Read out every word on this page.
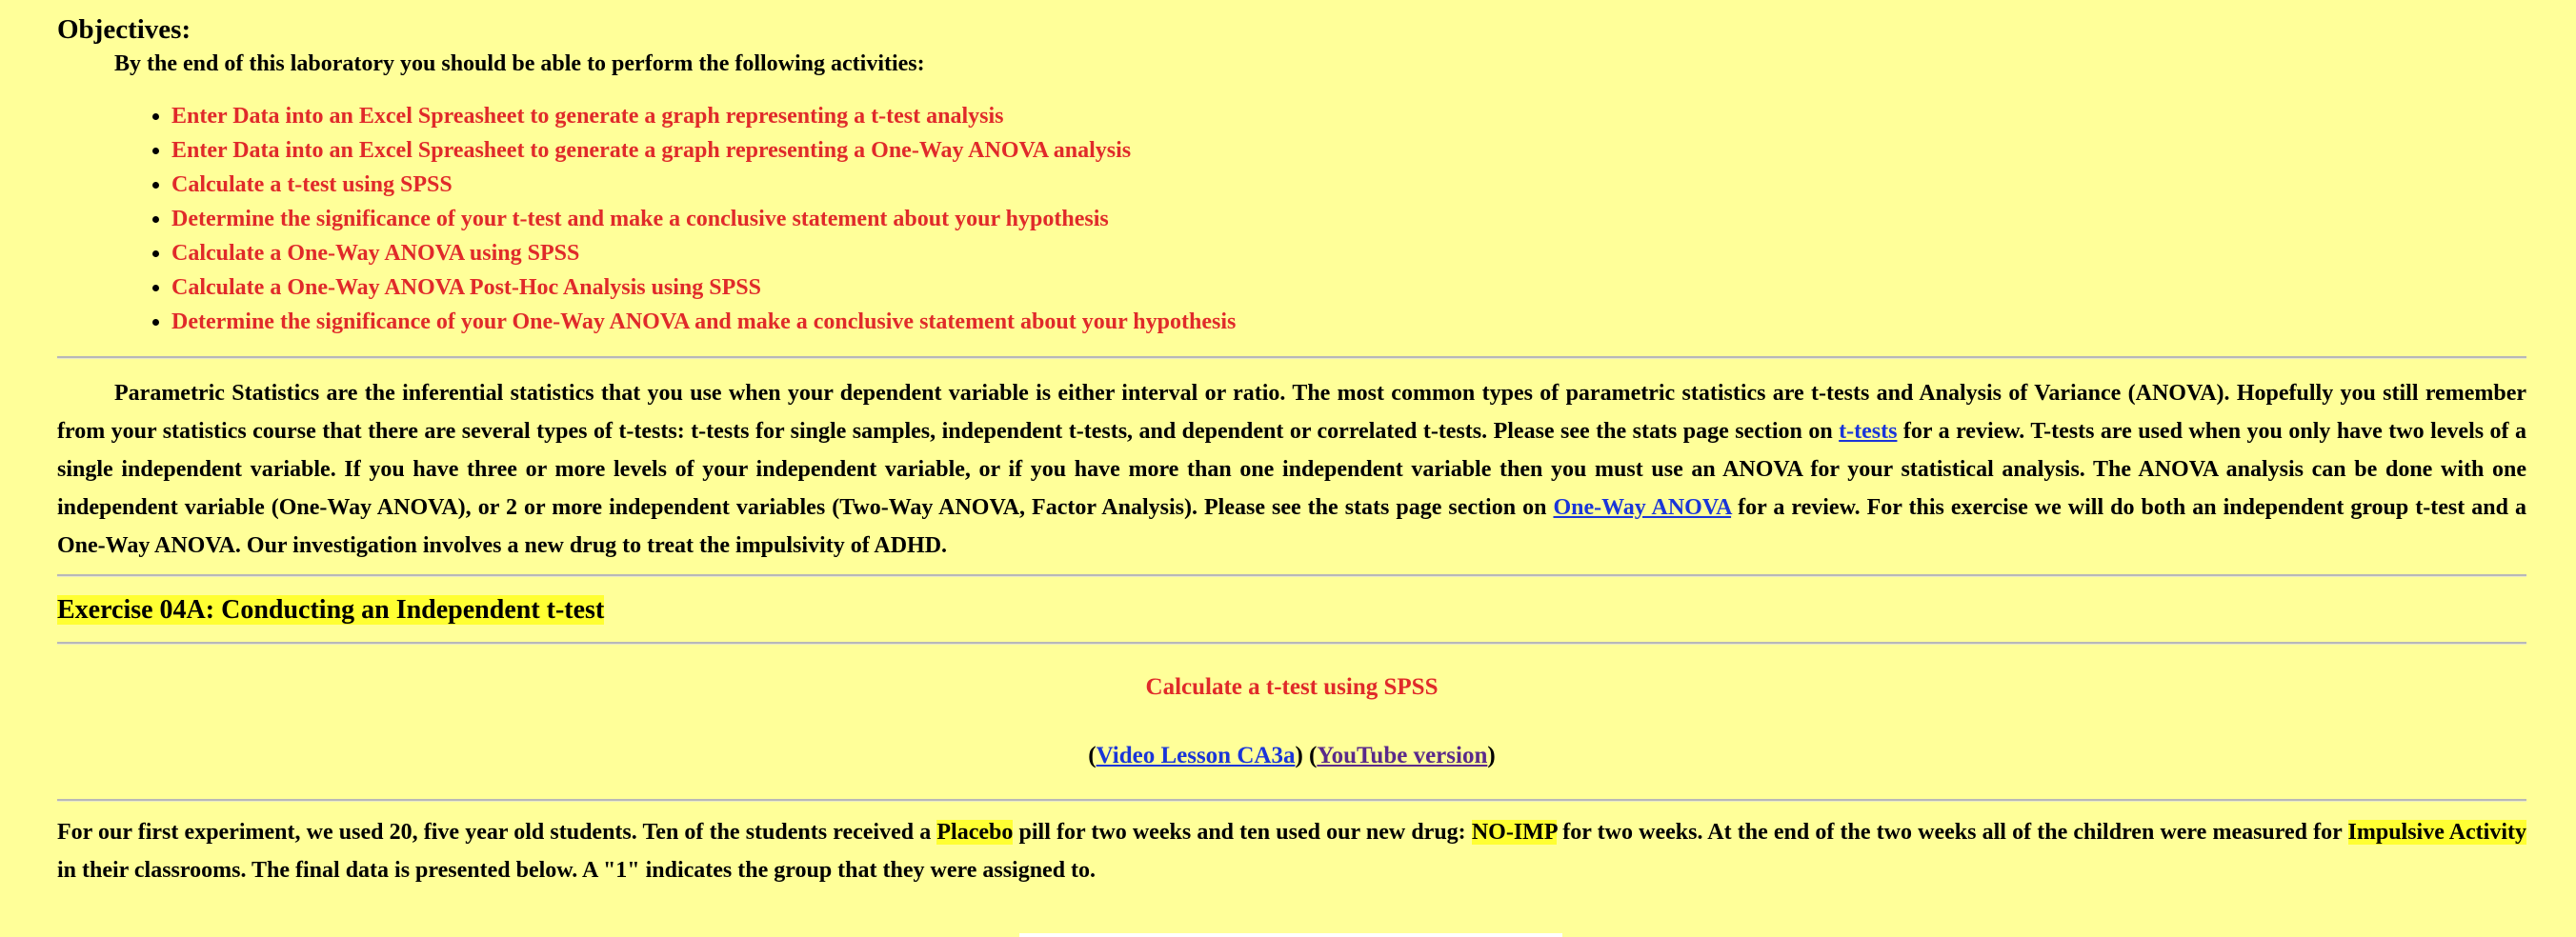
Objectives:

By the end of this laboratory you should be able to perform the following activities:

• Enter Data into an Excel Spreasheet to generate a graph representing a t-test analysis
• Enter Data into an Excel Spreasheet to generate a graph representing a One-Way ANOVA analysis
• Calculate a t-test using SPSS
• Determine the significance of your t-test and make a conclusive statement about your hypothesis
• Calculate a One-Way ANOVA using SPSS
• Calculate a One-Way ANOVA Post-Hoc Analysis using SPSS
• Determine the significance of your One-Way ANOVA and make a conclusive statement about your hypothesis

Parametric Statistics are the inferential statistics that you use when your dependent variable is either interval or ratio. The most common types of parametric statistics are t-tests and Analysis of Variance (ANOVA). Hopefully you still remember from your statistics course that there are several types of t-tests: t-tests for single samples, independent t-tests, and dependent or correlated t-tests. Please see the stats page section on t-tests for a review. T-tests are used when you only have two levels of a single independent variable. If you have three or more levels of your independent variable, or if you have more than one independent variable then you must use an ANOVA for your statistical analysis. The ANOVA analysis can be done with one independent variable (One-Way ANOVA), or 2 or more independent variables (Two-Way ANOVA, Factor Analysis). Please see the stats page section on One-Way ANOVA for a review. For this exercise we will do both an independent group t-test and a One-Way ANOVA. Our investigation involves a new drug to treat the impulsivity of ADHD.

Exercise 04A: Conducting an Independent t-test

Calculate a t-test using SPSS

(Video Lesson CA3a) (YouTube version)

For our first experiment, we used 20, five year old students. Ten of the students received a Placebo pill for two weeks and ten used our new drug: NO-IMP for two weeks. At the end of the two weeks all of the children were measured for Impulsive Activity in their classrooms. The final data is presented below. A "1" indicates the group that they were assigned to.
